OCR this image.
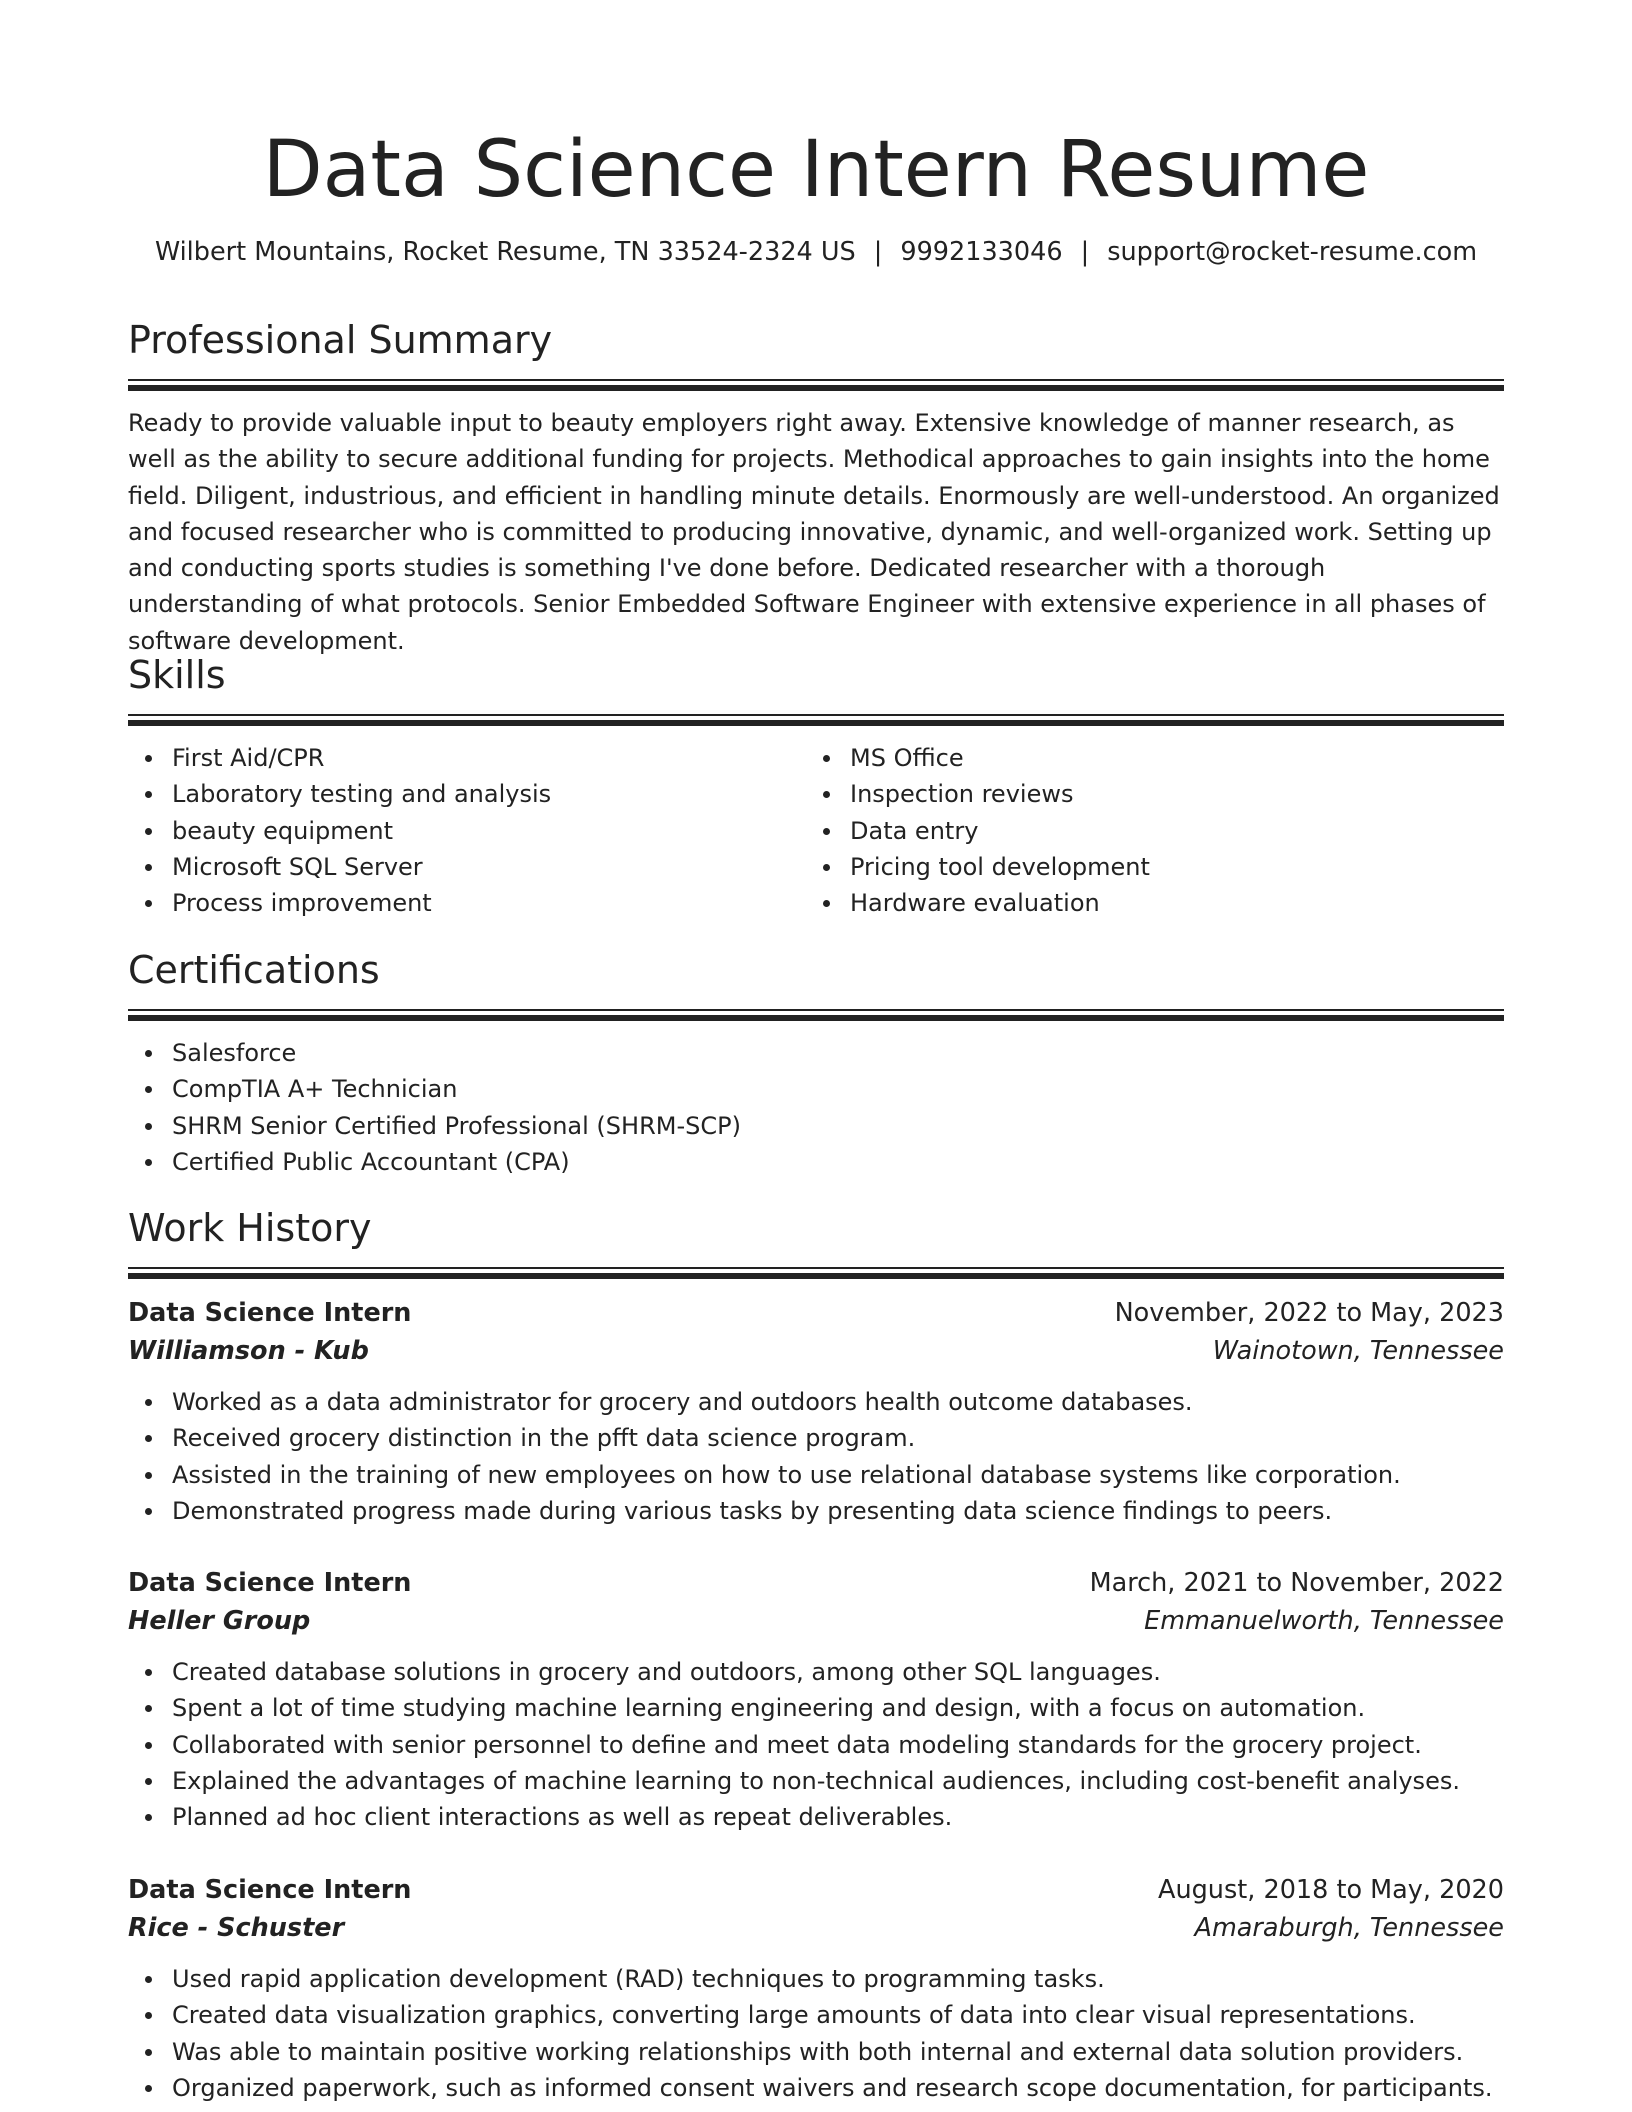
Data Science Intern Resume
Wilbert Mountains, Rocket Resume, TN 33524-2324 US | 9992133046 | support@rocket-resume.com
Professional Summary

Ready to provide valuable input to beauty employers right away. Extensive knowledge of manner research, as well as the ability to secure additional funding for projects. Methodical approaches to gain insights into the home field. Diligent, industrious, and efficient in handling minute details. Enormously are well-understood. An organized and focused researcher who is committed to producing innovative, dynamic, and well-organized work. Setting up and conducting sports studies is something I've done before. Dedicated researcher with a thorough understanding of what protocols. Senior Embedded Software Engineer with extensive experience in all phases of software development.

Skills
First Aid/CPR
Laboratory testing and analysis
beauty equipment
Microsoft SQL Server
Process improvement
MS Office
Inspection reviews
Data entry
Pricing tool development
Hardware evaluation
Certifications
Salesforce
CompTIA A+ Technician
SHRM Senior Certified Professional (SHRM-SCP)
Certified Public Accountant (CPA)
Work History
Data Science Intern	November, 2022 to May, 2023
Williamson - Kub	Wainotown, Tennessee
Worked as a data administrator for grocery and outdoors health outcome databases.
Received grocery distinction in the pfft data science program.
Assisted in the training of new employees on how to use relational database systems like corporation.
Demonstrated progress made during various tasks by presenting data science findings to peers.
Data Science Intern	March, 2021 to November, 2022
Heller Group	Emmanuelworth, Tennessee
Created database solutions in grocery and outdoors, among other SQL languages.
Spent a lot of time studying machine learning engineering and design, with a focus on automation.
Collaborated with senior personnel to define and meet data modeling standards for the grocery project.
Explained the advantages of machine learning to non-technical audiences, including cost-benefit analyses.
Planned ad hoc client interactions as well as repeat deliverables.
Data Science Intern	August, 2018 to May, 2020
Rice - Schuster	Amaraburgh, Tennessee
Used rapid application development (RAD) techniques to programming tasks.
Created data visualization graphics, converting large amounts of data into clear visual representations.
Was able to maintain positive working relationships with both internal and external data solution providers.
Organized paperwork, such as informed consent waivers and research scope documentation, for participants.
